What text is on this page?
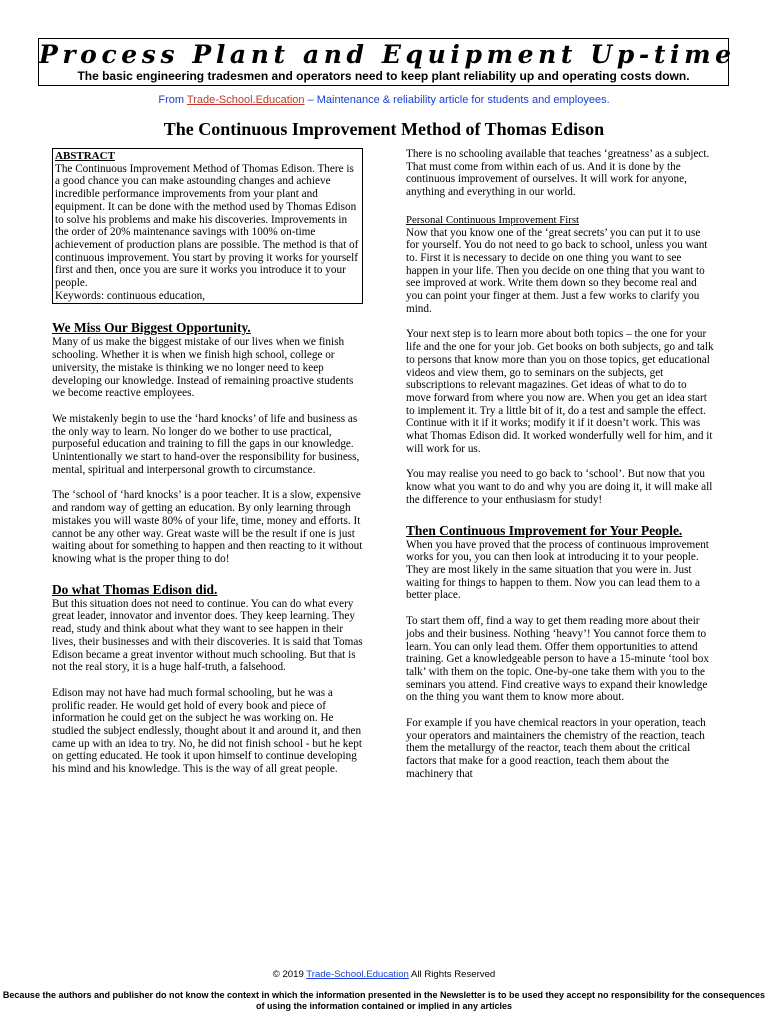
Process Plant and Equipment Up-time
The basic engineering tradesmen and operators need to keep plant reliability up and operating costs down.
From Trade-School.Education – Maintenance & reliability article for students and employees.
The Continuous Improvement Method of Thomas Edison
ABSTRACT

The Continuous Improvement Method of Thomas Edison. There is a good chance you can make astounding changes and achieve incredible performance improvements from your plant and equipment. It can be done with the method used by Thomas Edison to solve his problems and make his discoveries. Improvements in the order of 20% maintenance savings with 100% on-time achievement of production plans are possible. The method is that of continuous improvement. You start by proving it works for yourself first and then, once you are sure it works you introduce it to your people.

Keywords: continuous education,

We Miss Our Biggest Opportunity.

Many of us make the biggest mistake of our lives when we finish schooling. Whether it is when we finish high school, college or university, the mistake is thinking we no longer need to keep developing our knowledge. Instead of remaining proactive students we become reactive employees.

We mistakenly begin to use the ‘hard knocks’ of life and business as the only way to learn. No longer do we bother to use practical, purposeful education and training to fill the gaps in our knowledge. Unintentionally we start to hand-over the responsibility for business, mental, spiritual and interpersonal growth to circumstance.

The ‘school of ‘hard knocks’ is a poor teacher. It is a slow, expensive and random way of getting an education. By only learning through mistakes you will waste 80% of your life, time, money and efforts. It cannot be any other way. Great waste will be the result if one is just waiting about for something to happen and then reacting to it without knowing what is the proper thing to do!

Do what Thomas Edison did.

But this situation does not need to continue. You can do what every great leader, innovator and inventor does. They keep learning. They read, study and think about what they want to see happen in their lives, their businesses and with their discoveries. It is said that Tomas Edison became a great inventor without much schooling. But that is not the real story, it is a huge half-truth, a falsehood.

Edison may not have had much formal schooling, but he was a prolific reader. He would get hold of every book and piece of information he could get on the subject he was working on. He studied the subject endlessly, thought about it and around it, and then came up with an idea to try. No, he did not finish school - but he kept on getting educated. He took it upon himself to continue developing his mind and his knowledge. This is the way of all great people.

There is no schooling available that teaches ‘greatness’ as a subject. That must come from within each of us. And it is done by the continuous improvement of ourselves. It will work for anyone, anything and everything in our world.

Personal Continuous Improvement First

Now that you know one of the ‘great secrets’ you can put it to use for yourself. You do not need to go back to school, unless you want to. First it is necessary to decide on one thing you want to see happen in your life. Then you decide on one thing that you want to see improved at work. Write them down so they become real and you can point your finger at them. Just a few works to clarify you mind.

Your next step is to learn more about both topics – the one for your life and the one for your job. Get books on both subjects, go and talk to persons that know more than you on those topics, get educational videos and view them, go to seminars on the subjects, get subscriptions to relevant magazines. Get ideas of what to do to move forward from where you now are. When you get an idea start to implement it. Try a little bit of it, do a test and sample the effect. Continue with it if it works; modify it if it doesn’t work. This was what Thomas Edison did. It worked wonderfully well for him, and it will work for us.

You may realise you need to go back to ‘school’. But now that you know what you want to do and why you are doing it, it will make all the difference to your enthusiasm for study!

Then Continuous Improvement for Your People.

When you have proved that the process of continuous improvement works for you, you can then look at introducing it to your people. They are most likely in the same situation that you were in. Just waiting for things to happen to them. Now you can lead them to a better place.

To start them off, find a way to get them reading more about their jobs and their business. Nothing ‘heavy’! You cannot force them to learn. You can only lead them. Offer them opportunities to attend training. Get a knowledgeable person to have a 15-minute ‘tool box talk’ with them on the topic. One-by-one take them with you to the seminars you attend. Find creative ways to expand their knowledge on the thing you want them to know more about.

For example if you have chemical reactors in your operation, teach your operators and maintainers the chemistry of the reaction, teach them the metallurgy of the reactor, teach them about the critical factors that make for a good reaction, teach them about the machinery that

© 2019 Trade-School.Education All Rights Reserved
Because the authors and publisher do not know the context in which the information presented in the Newsletter is to be used they accept no responsibility for the consequences of using the information contained or implied in any articles
